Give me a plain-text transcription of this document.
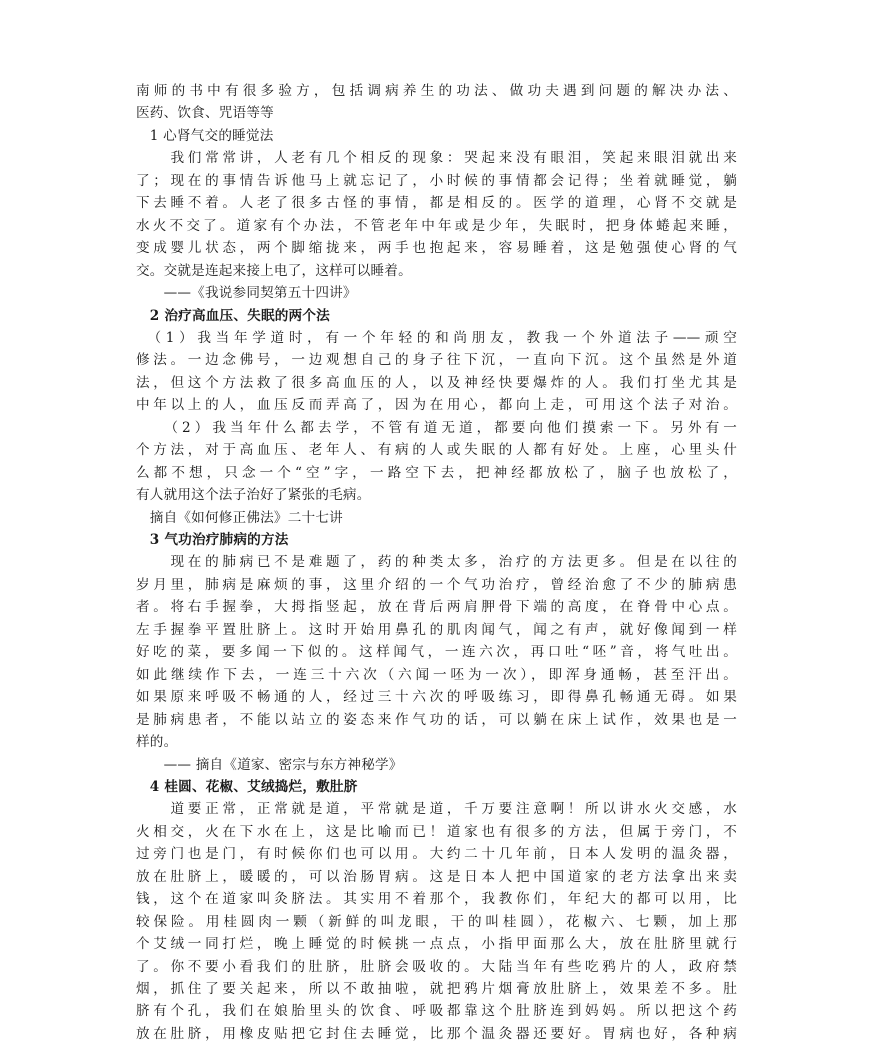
南师的书中有很多验方，包括调病养生的功法、做功夫遇到问题的解决办法、
医药、饮食、咒语等等
　1 心肾气交的睡觉法
　　我们常常讲，人老有几个相反的现象：哭起来没有眼泪，笑起来眼泪就出来
了；现在的事情告诉他马上就忘记了，小时候的事情都会记得；坐着就睡觉，躺
下去睡不着。人老了很多古怪的事情，都是相反的。医学的道理，心肾不交就是
水火不交了。道家有个办法，不管老年中年或是少年，失眠时，把身体蜷起来睡，
变成婴儿状态，两个脚缩拢来，两手也抱起来，容易睡着，这是勉强使心肾的气
交。交就是连起来接上电了，这样可以睡着。
　　——《我说参同契第五十四讲》
　2 治疗高血压、失眠的两个法
　（1）我当年学道时，有一个年轻的和尚朋友，教我一个外道法子——顽空
修法。一边念佛号，一边观想自己的身子往下沉，一直向下沉。这个虽然是外道
法，但这个方法救了很多高血压的人，以及神经快要爆炸的人。我们打坐尤其是
中年以上的人，血压反而弄高了，因为在用心，都向上走，可用这个法子对治。
　　（2）我当年什么都去学，不管有道无道，都要向他们摸索一下。另外有一
个方法，对于高血压、老年人、有病的人或失眠的人都有好处。上座，心里头什
么都不想，只念一个“空”字，一路空下去，把神经都放松了，脑子也放松了，
有人就用这个法子治好了紧张的毛病。
　摘自《如何修正佛法》二十七讲
　3 气功治疗肺病的方法
　　现在的肺病已不是难题了，药的种类太多，治疗的方法更多。但是在以往的
岁月里，肺病是麻烦的事，这里介绍的一个气功治疗，曾经治愈了不少的肺病患
者。将右手握拳，大拇指竖起，放在背后两肩胛骨下端的高度，在脊骨中心点。
左手握拳平置肚脐上。这时开始用鼻孔的肌肉闻气，闻之有声，就好像闻到一样
好吃的菜，要多闻一下似的。这样闻气，一连六次，再口吐“呸”音，将气吐出。
如此继续作下去，一连三十六次（六闻一呸为一次），即浑身通畅，甚至汗出。
如果原来呼吸不畅通的人，经过三十六次的呼吸练习，即得鼻孔畅通无碍。如果
是肺病患者，不能以站立的姿态来作气功的话，可以躺在床上试作，效果也是一
样的。
　　—— 摘自《道家、密宗与东方神秘学》
　4 桂圆、花椒、艾绒捣烂，敷肚脐
　　道要正常，正常就是道，平常就是道，千万要注意啊！所以讲水火交感，水
火相交，火在下水在上，这是比喻而已！道家也有很多的方法，但属于旁门，不
过旁门也是门，有时候你们也可以用。大约二十几年前，日本人发明的温灸器，
放在肚脐上，暖暖的，可以治肠胃病。这是日本人把中国道家的老方法拿出来卖
钱，这个在道家叫灸脐法。其实用不着那个，我教你们，年纪大的都可以用，比
较保险。用桂圆肉一颗（新鲜的叫龙眼，干的叫桂圆），花椒六、七颗，加上那
个艾绒一同打烂，晚上睡觉的时候挑一点点，小指甲面那么大，放在肚脐里就行
了。你不要小看我们的肚脐，肚脐会吸收的。大陆当年有些吃鸦片的人，政府禁
烟，抓住了要关起来，所以不敢抽啦，就把鸦片烟膏放肚脐上，效果差不多。肚
脐有个孔，我们在娘胎里头的饮食、呼吸都靠这个肚脐连到妈妈。所以把这个药
放在肚脐，用橡皮贴把它封住去睡觉，比那个温灸器还要好。胃病也好，各种病
